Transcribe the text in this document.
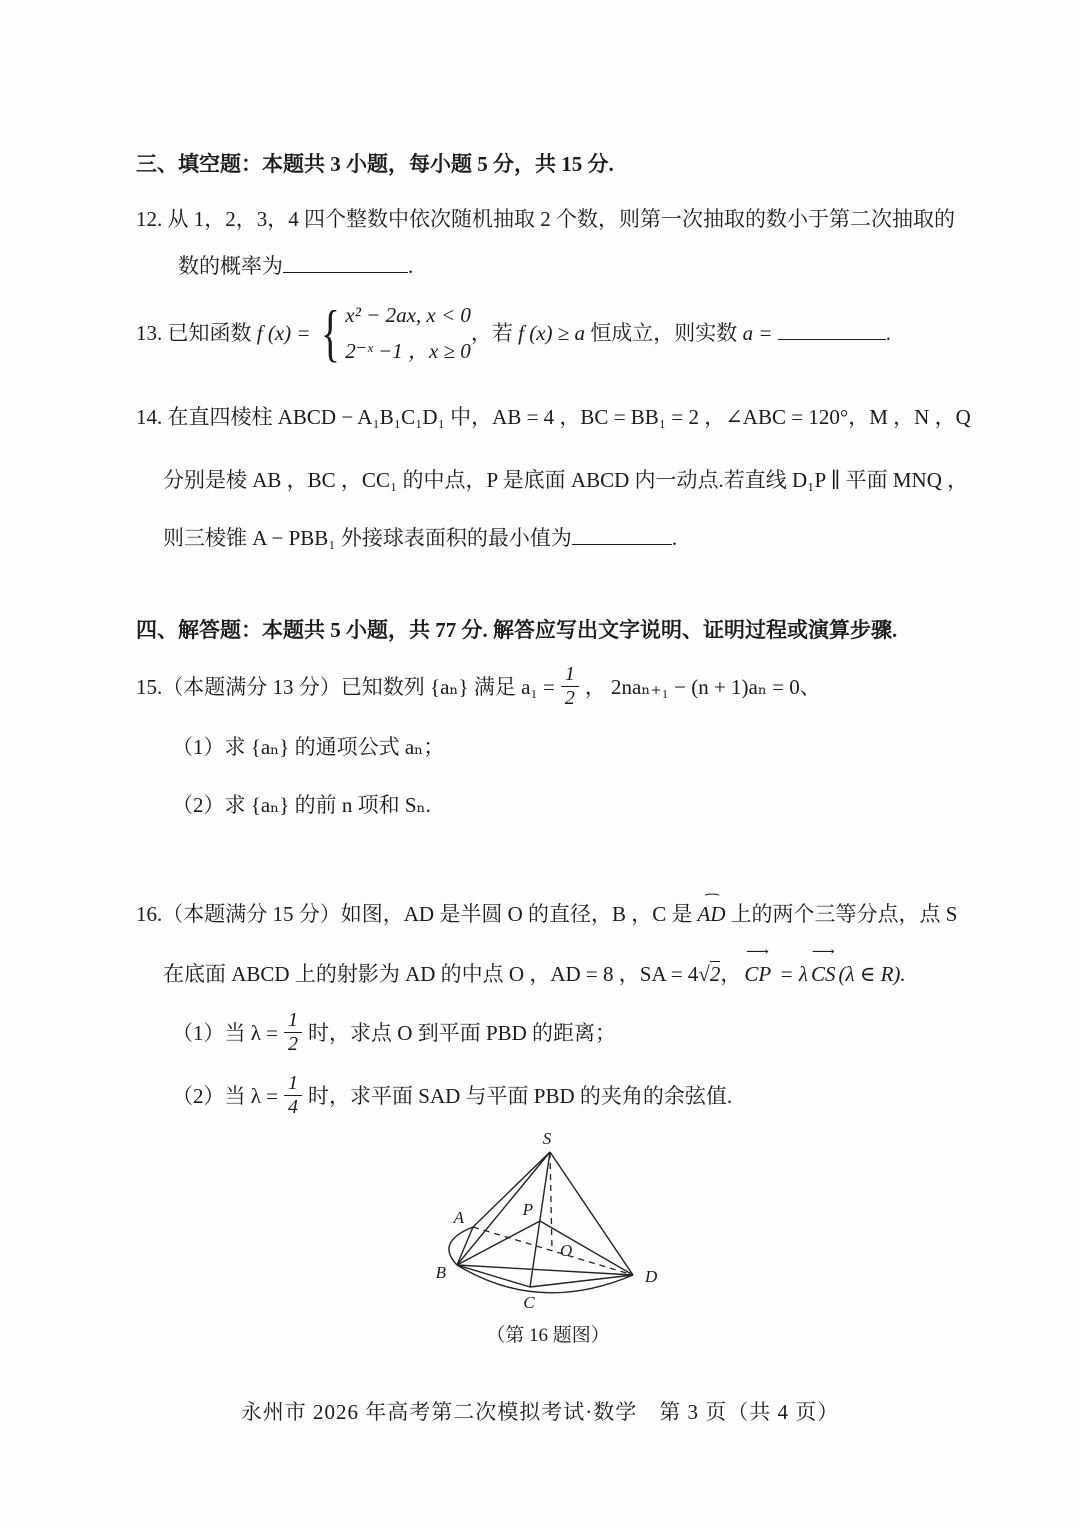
三、填空题：本题共 3 小题，每小题 5 分，共 15 分.
12. 从 1，2，3，4 四个整数中依次随机抽取 2 个数，则第一次抽取的数小于第二次抽取的
数的概率为	.
13. 已知函数 f (x) = { x² − 2ax, x < 0
2⁻ˣ −1 ，x ≥ 0
，若 f (x) ≥ a 恒成立，则实数 a =	.
14. 在直四棱柱 ABCD − A₁B₁C₁D₁ 中，AB = 4 ，BC = BB₁ = 2 ，∠ABC = 120°，M ，N ，Q
分别是棱 AB ，BC ，CC₁ 的中点，P 是底面 ABCD 内一动点.若直线 D₁P ∥ 平面 MNQ ，
则三棱锥 A − PBB₁ 外接球表面积的最小值为	.
四、解答题：本题共 5 小题，共 77 分. 解答应写出文字说明、证明过程或演算步骤.
15.（本题满分 13 分）已知数列 {aₙ} 满足 $a_1 = \frac{1}{2}$ ， 2naₙ₊₁ − (n + 1)aₙ = 0、
（1）求 {aₙ} 的通项公式 aₙ；
（2）求 {aₙ} 的前 n 项和 Sₙ.
16.（本题满分 15 分）如图，AD 是半圆 O 的直径，B ，C 是
⌢
AD 上的两个三等分点，点 S
在底面 ABCD 上的射影为 AD 的中点 O ，AD = 8 ，SA = 4√2，
⟶
CP = λ
⟶
CS (λ ∈ R).
（1）当 $\lambda = \frac{1}{2}$ 时，求点 O 到平面 PBD 的距离；
（2）当 $\lambda = \frac{1}{4}$ 时，求平面 SAD 与平面 PBD 的夹角的余弦值.
S
A
B
C
D
O
P
（第 16 题图）
永州市 2026 年高考第二次模拟考试·数学　第 3 页（共 4 页）
